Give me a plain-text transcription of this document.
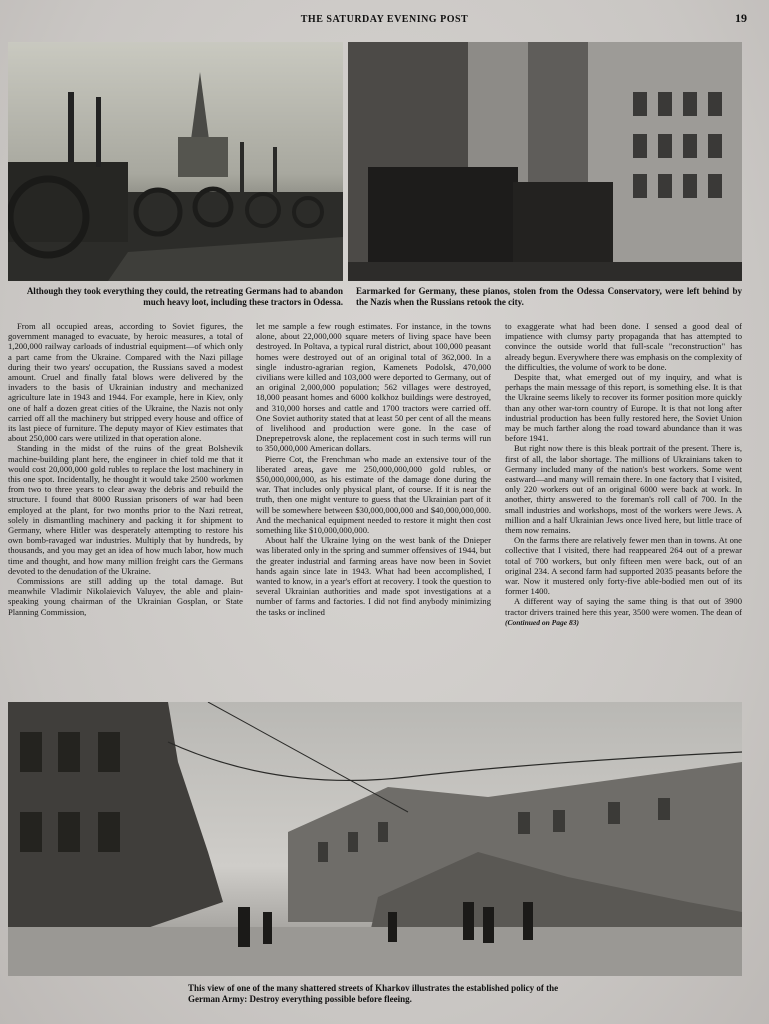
THE SATURDAY EVENING POST	19
Although they took everything they could, the retreating Germans had to abandon much heavy loot, including these tractors in Odessa.
Earmarked for Germany, these pianos, stolen from the Odessa Conservatory, were left behind by the Nazis when the Russians retook the city.

From all occupied areas, according to Soviet figures, the government managed to evacuate, by heroic measures, a total of 1,200,000 railway carloads of industrial equipment—of which only a part came from the Ukraine. Compared with the Nazi pillage during their two years' occupation, the Russians saved a modest amount. Cruel and finally fatal blows were delivered by the invaders to the basis of Ukrainian industry and mechanized agriculture late in 1943 and 1944. For example, here in Kiev, only one of half a dozen great cities of the Ukraine, the Nazis not only carried off all the machinery but stripped every house and office of its last piece of furniture. The deputy mayor of Kiev estimates that about 250,000 cars were utilized in that operation alone.

Standing in the midst of the ruins of the great Bolshevik machine-building plant here, the engineer in chief told me that it would cost 20,000,000 gold rubles to replace the lost machinery in this one spot. Incidentally, he thought it would take 2500 workmen from two to three years to clear away the debris and rebuild the structure. I found that 8000 Russian prisoners of war had been employed at the plant, for two months prior to the Nazi retreat, solely in dismantling machinery and packing it for shipment to Germany, where Hitler was desperately attempting to restore his own bomb-ravaged war industries. Multiply that by hundreds, by thousands, and you may get an idea of how much labor, how much time and thought, and how many million freight cars the Germans devoted to the denudation of the Ukraine.

Commissions are still adding up the total damage. But meanwhile Vladimir Nikolaievich Valuyev, the able and plain-speaking young chairman of the Ukrainian Gosplan, or State Planning Commission,

let me sample a few rough estimates. For instance, in the towns alone, about 22,000,000 square meters of living space have been destroyed. In Poltava, a typical rural district, about 100,000 peasant homes were destroyed out of an original total of 362,000. In a single industro-agrarian region, Kamenets Podolsk, 470,000 civilians were killed and 103,000 were deported to Germany, out of an original 2,000,000 population; 562 villages were destroyed, 18,000 peasant homes and 6000 kolkhoz buildings were destroyed, and 310,000 horses and cattle and 1700 tractors were carried off. One Soviet authority stated that at least 50 per cent of all the means of livelihood and production were gone. In the case of Dneprepetrovsk alone, the replacement cost in such terms will run to 350,000,000 American dollars.

Pierre Cot, the Frenchman who made an extensive tour of the liberated areas, gave me 250,000,000,000 gold rubles, or $50,000,000,000, as his estimate of the damage done during the war. That includes only physical plant, of course. If it is near the truth, then one might venture to guess that the Ukrainian part of it will be somewhere between $30,000,000,000 and $40,000,000,000. And the mechanical equipment needed to restore it might then cost something like $10,000,000,000.

About half the Ukraine lying on the west bank of the Dnieper was liberated only in the spring and summer offensives of 1944, but the greater industrial and farming areas have now been in Soviet hands again since late in 1943. What had been accomplished, I wanted to know, in a year's effort at recovery. I took the question to several Ukrainian authorities and made spot investigations at a number of farms and factories. I did not find anybody minimizing the tasks or inclined

to exaggerate what had been done. I sensed a good deal of impatience with clumsy party propaganda that has attempted to convince the outside world that full-scale "reconstruction" has already begun. Everywhere there was emphasis on the complexity of the difficulties, the volume of work to be done.

Despite that, what emerged out of my inquiry, and what is perhaps the main message of this report, is something else. It is that the Ukraine seems likely to recover its former position more quickly than any other war-torn country of Europe. It is that not long after industrial production has been fully restored here, the Soviet Union may be much farther along the road toward abundance than it was before 1941.

But right now there is this bleak portrait of the present. There is, first of all, the labor shortage. The millions of Ukrainians taken to Germany included many of the nation's best workers. Some went eastward—and many will remain there. In one factory that I visited, only 220 workers out of an original 6000 were back at work. In another, thirty answered to the foreman's roll call of 700. In the small industries and workshops, most of the workers were Jews. A million and a half Ukrainian Jews once lived here, but little trace of them now remains.

On the farms there are relatively fewer men than in towns. At one collective that I visited, there had reappeared 264 out of a prewar total of 700 workers, but only fifteen men were back, out of an original 234. A second farm had supported 2035 peasants before the war. Now it mustered only forty-five able-bodied men out of its former 1400.

A different way of saying the same thing is that out of 3900 tractor drivers trained here this year, 3500 were women. The dean of (Continued on Page 83)

This view of one of the many shattered streets of Kharkov illustrates the established policy of the German Army: Destroy everything possible before fleeing.
